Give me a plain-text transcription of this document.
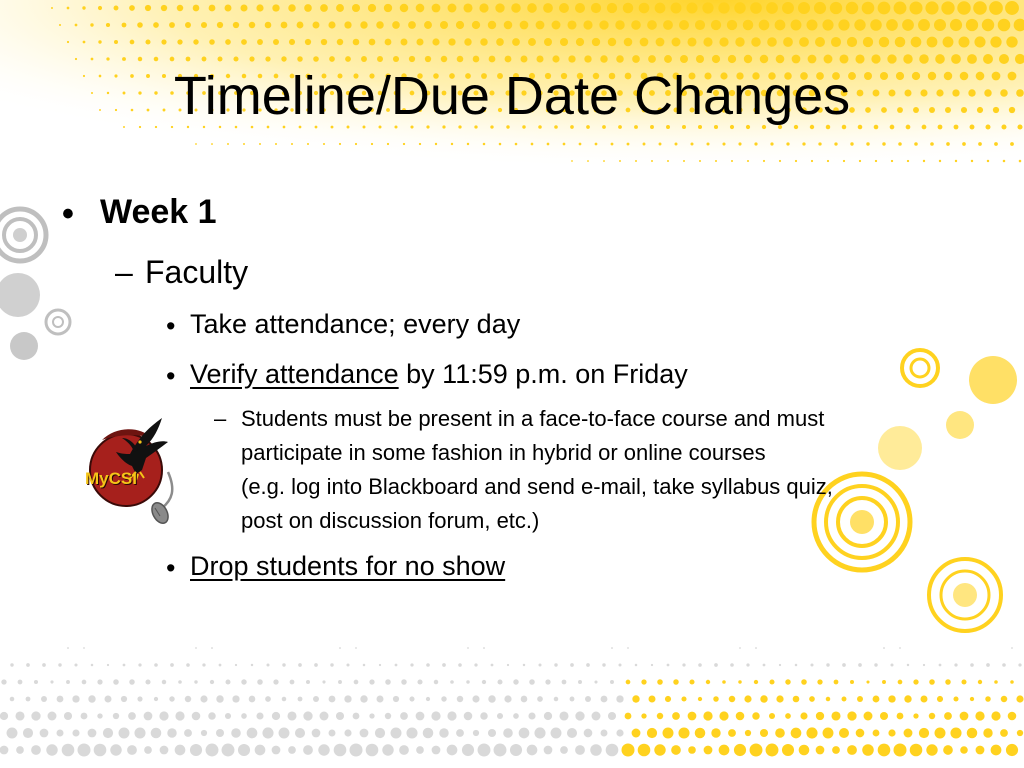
Timeline/Due Date Changes
• Week 1
– Faculty
• Take attendance; every day
• Verify attendance by 11:59 p.m. on Friday
– Students must be present in a face-to-face course and must
participate in some fashion in hybrid or online courses
(e.g. log into Blackboard and send e-mail, take syllabus quiz,
post on discussion forum, etc.)
• Drop students for no show
MyCSI
